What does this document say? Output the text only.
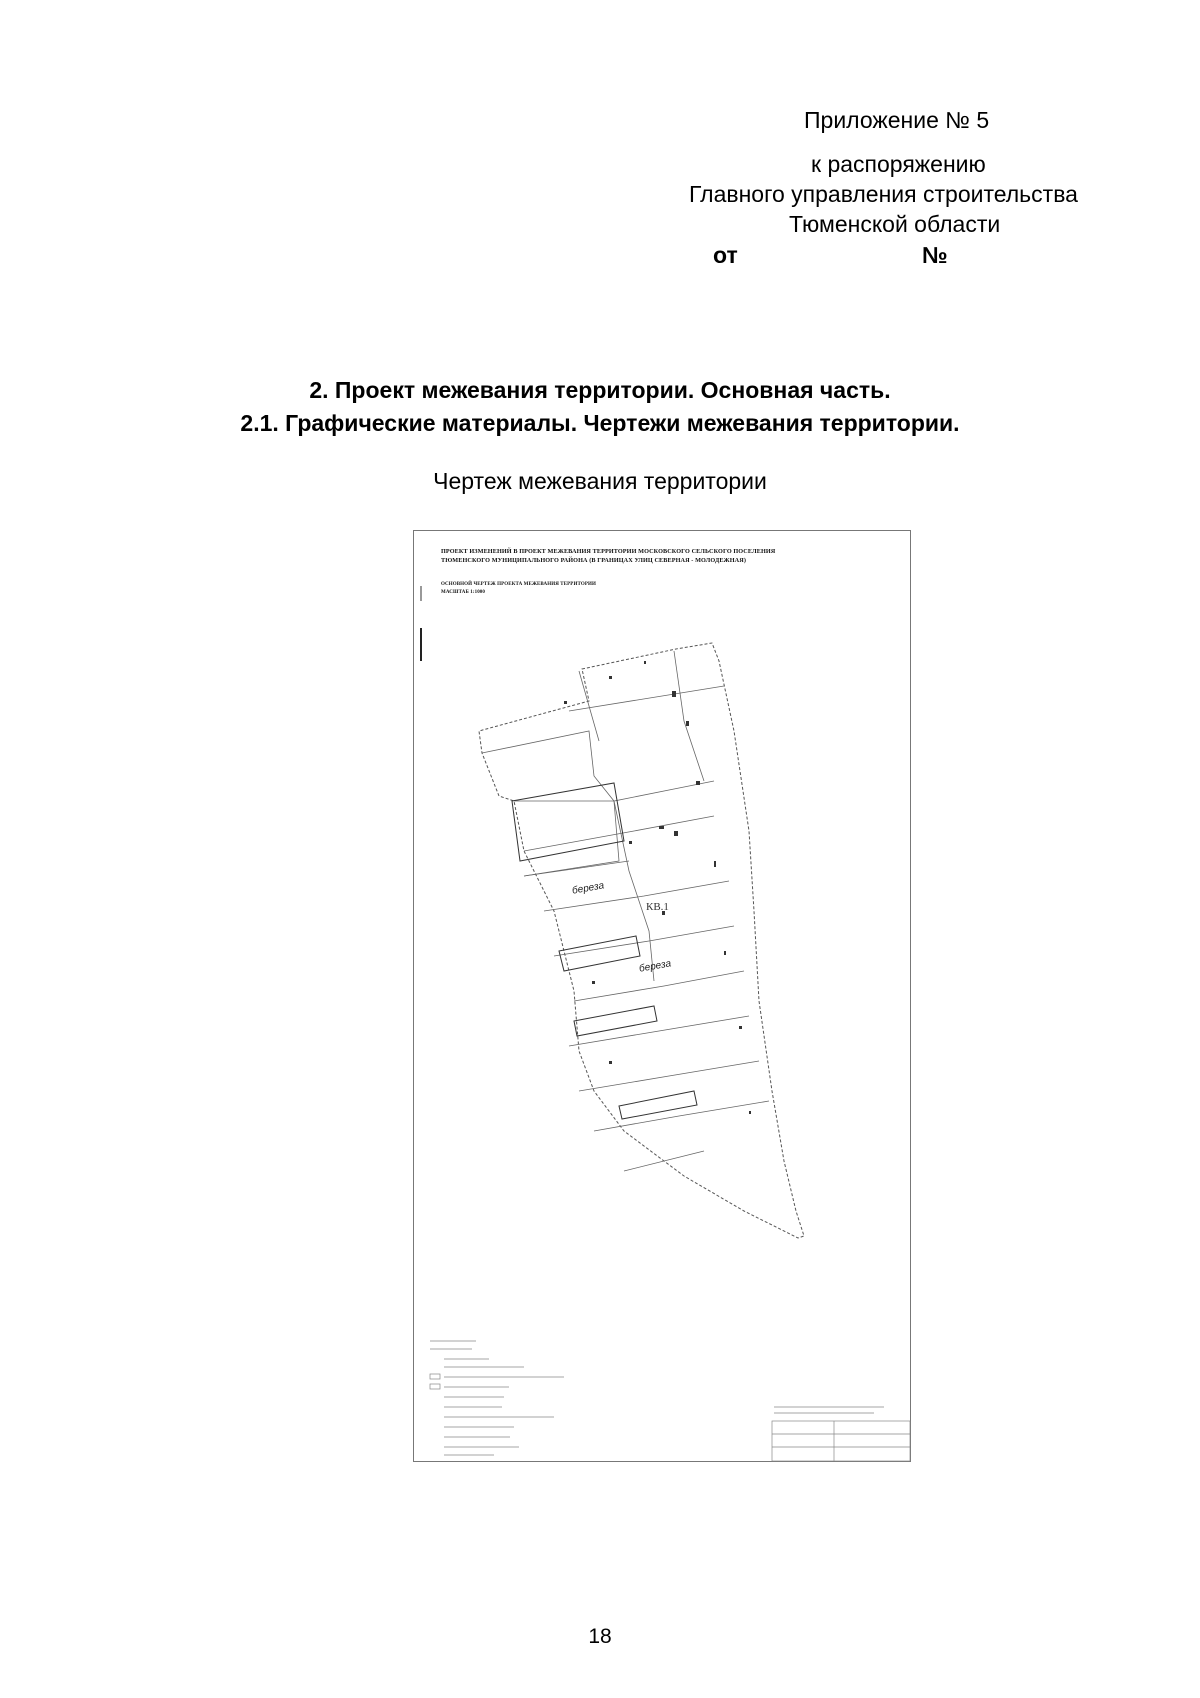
Приложение № 5
к распоряжению
Главного управления строительства
Тюменской области
от	№
2. Проект межевания территории. Основная часть.
2.1. Графические материалы. Чертежи межевания территории.
Чертеж межевания территории
ПРОЕКТ ИЗМЕНЕНИЙ В ПРОЕКТ МЕЖЕВАНИЯ ТЕРРИТОРИИ МОСКОВСКОГО СЕЛЬСКОГО ПОСЕЛЕНИЯ
ТЮМЕНСКОГО МУНИЦИПАЛЬНОГО РАЙОНА (В ГРАНИЦАХ УЛИЦ СЕВЕРНАЯ - МОЛОДЕЖНАЯ)
ОСНОВНОЙ ЧЕРТЕЖ ПРОЕКТА МЕЖЕВАНИЯ ТЕРРИТОРИИ
МАСШТАБ 1:1000
береза
береза
КВ.1
18
